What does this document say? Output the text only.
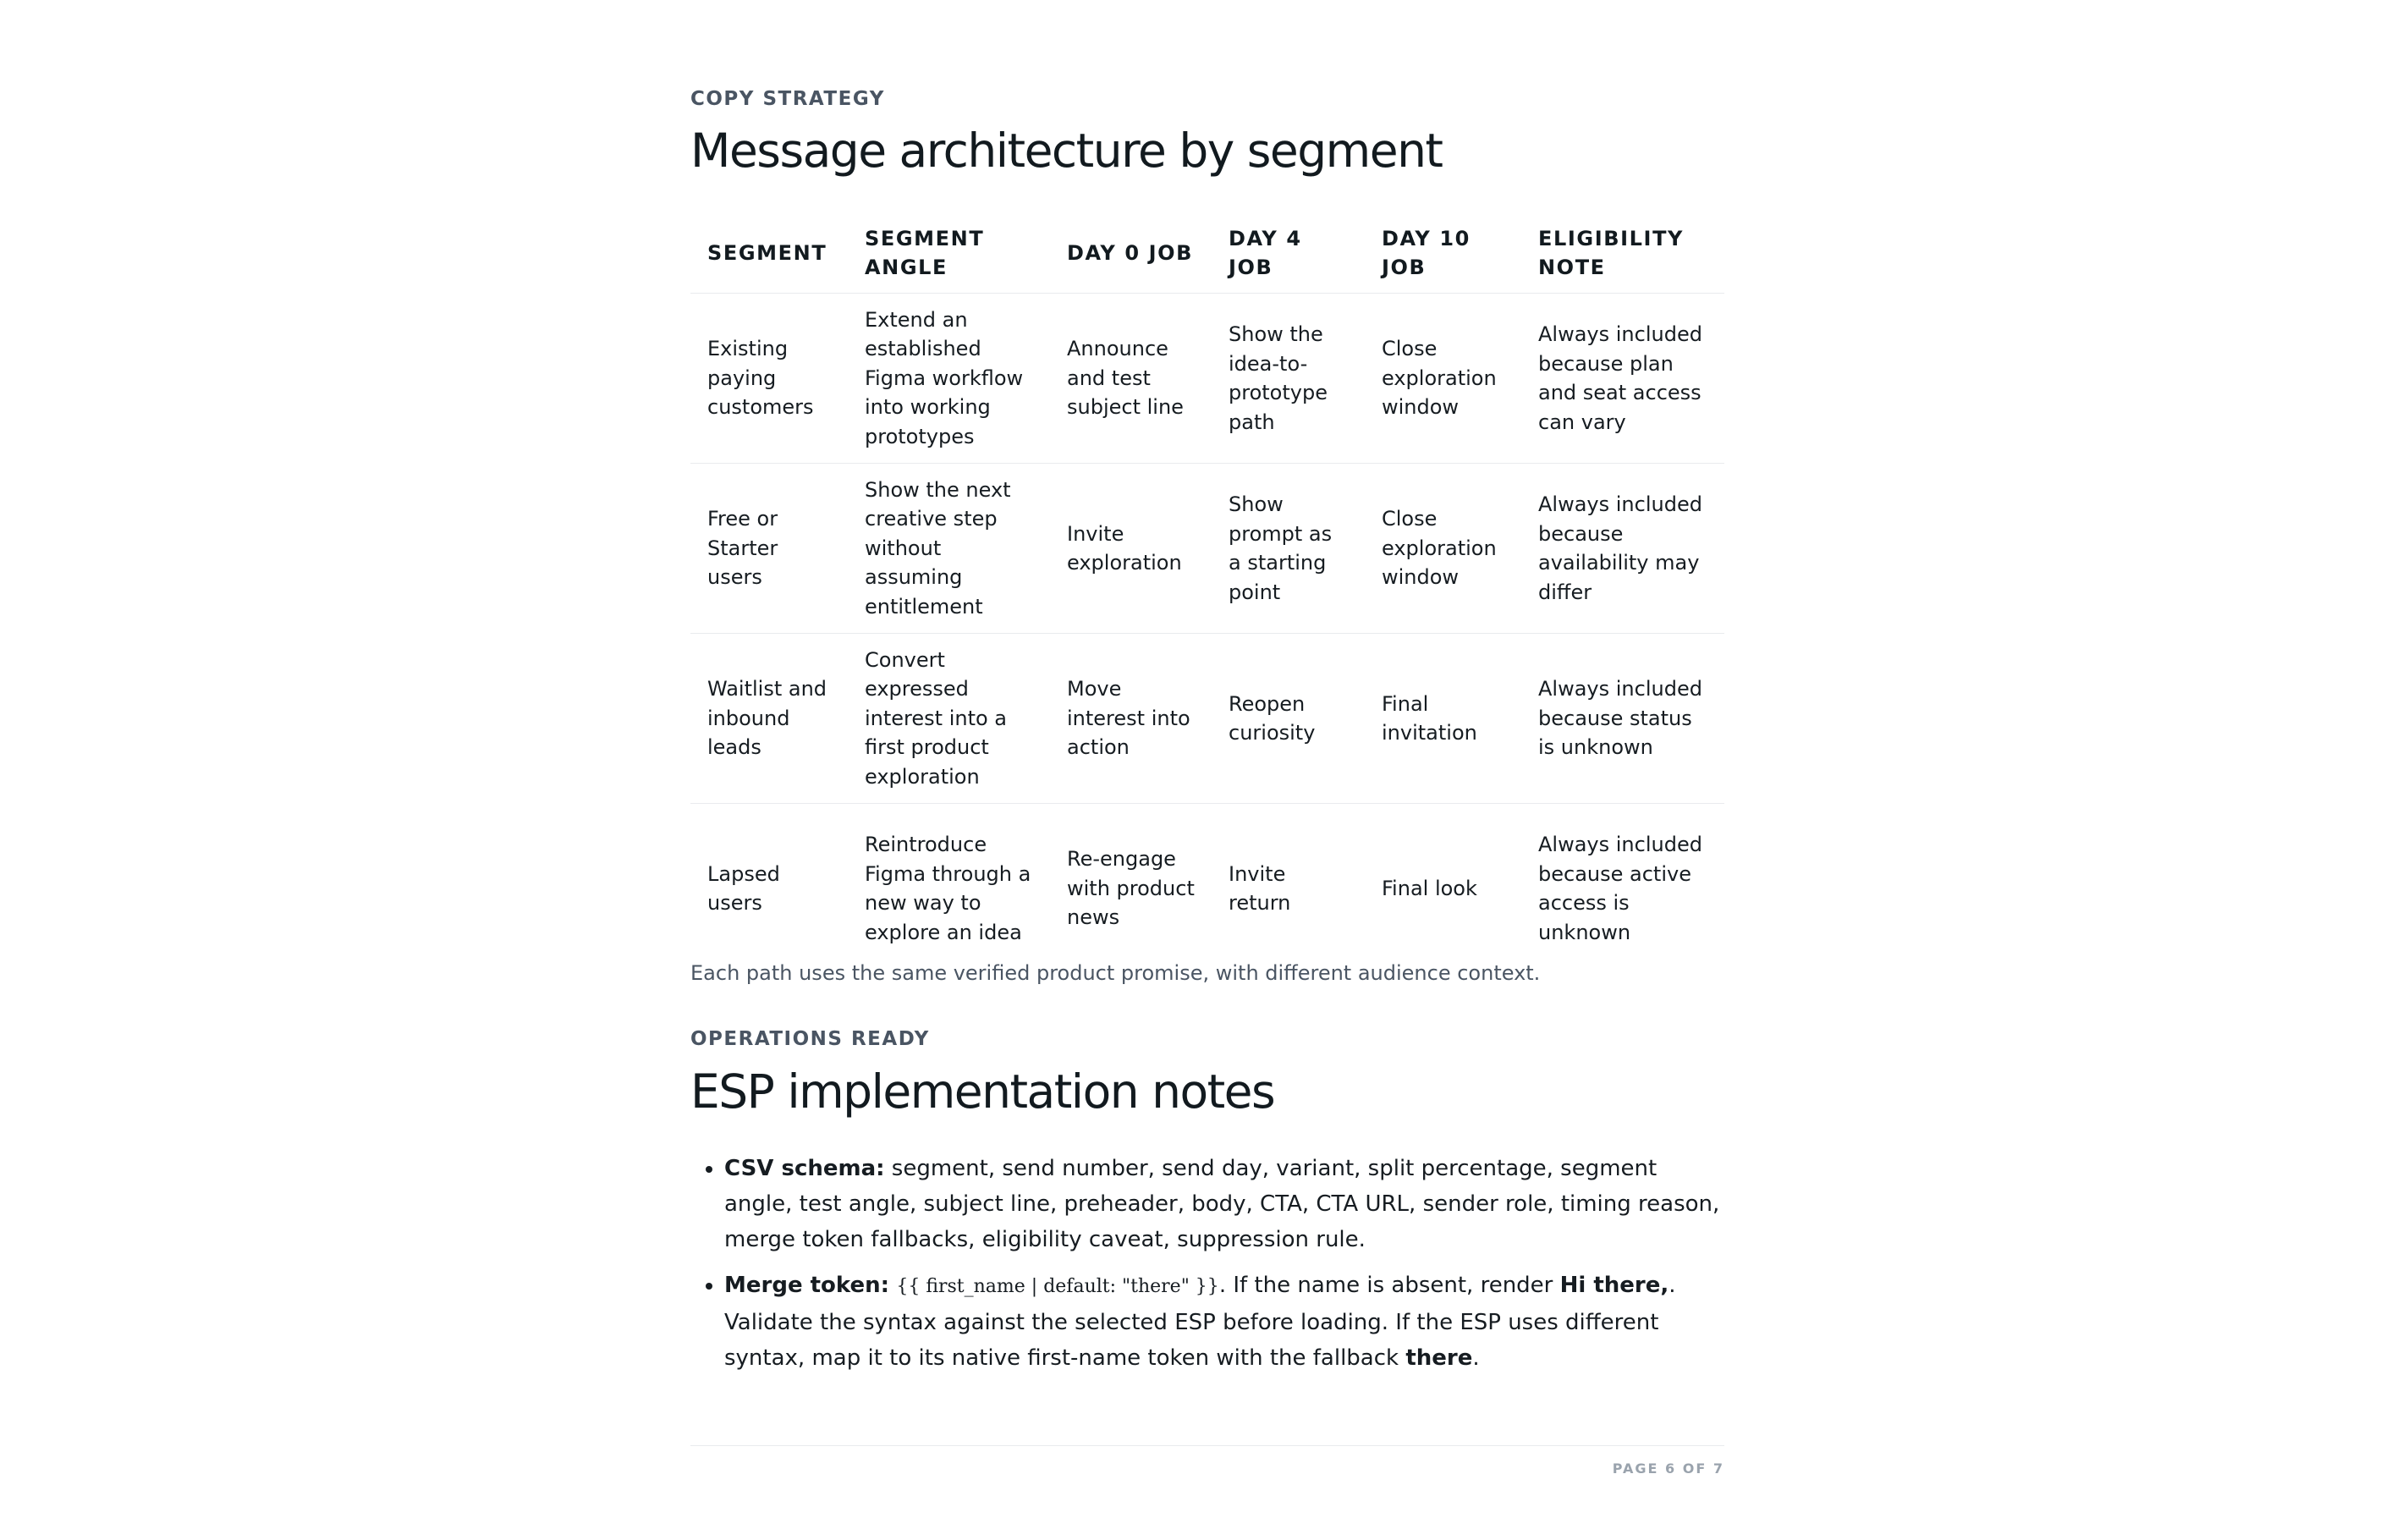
COPY STRATEGY
Message architecture by segment
SEGMENT	SEGMENT ANGLE	DAY 0 JOB	DAY 4 JOB	DAY 10 JOB	ELIGIBILITY NOTE
Existing paying customers	Extend an established Figma workflow into working prototypes	Announce and test subject line	Show the idea-to-prototype path	Close exploration window	Always included because plan and seat access can vary
Free or Starter users	Show the next creative step without assuming entitlement	Invite exploration	Show prompt as a starting point	Close exploration window	Always included because availability may differ
Waitlist and inbound leads	Convert expressed interest into a first product exploration	Move interest into action	Reopen curiosity	Final invitation	Always included because status is unknown
Lapsed users	Reintroduce Figma through a new way to explore an idea	Re-engage with product news	Invite return	Final look	Always included because active access is unknown
Each path uses the same verified product promise, with different audience context.
OPERATIONS READY
ESP implementation notes
• CSV schema: segment, send number, send day, variant, split percentage, segment angle, test angle, subject line, preheader, body, CTA, CTA URL, sender role, timing reason, merge token fallbacks, eligibility caveat, suppression rule.
• Merge token: {{ first_name | default: "there" }}. If the name is absent, render Hi there,. Validate the syntax against the selected ESP before loading. If the ESP uses different syntax, map it to its native first-name token with the fallback there.
PAGE 6 OF 7
